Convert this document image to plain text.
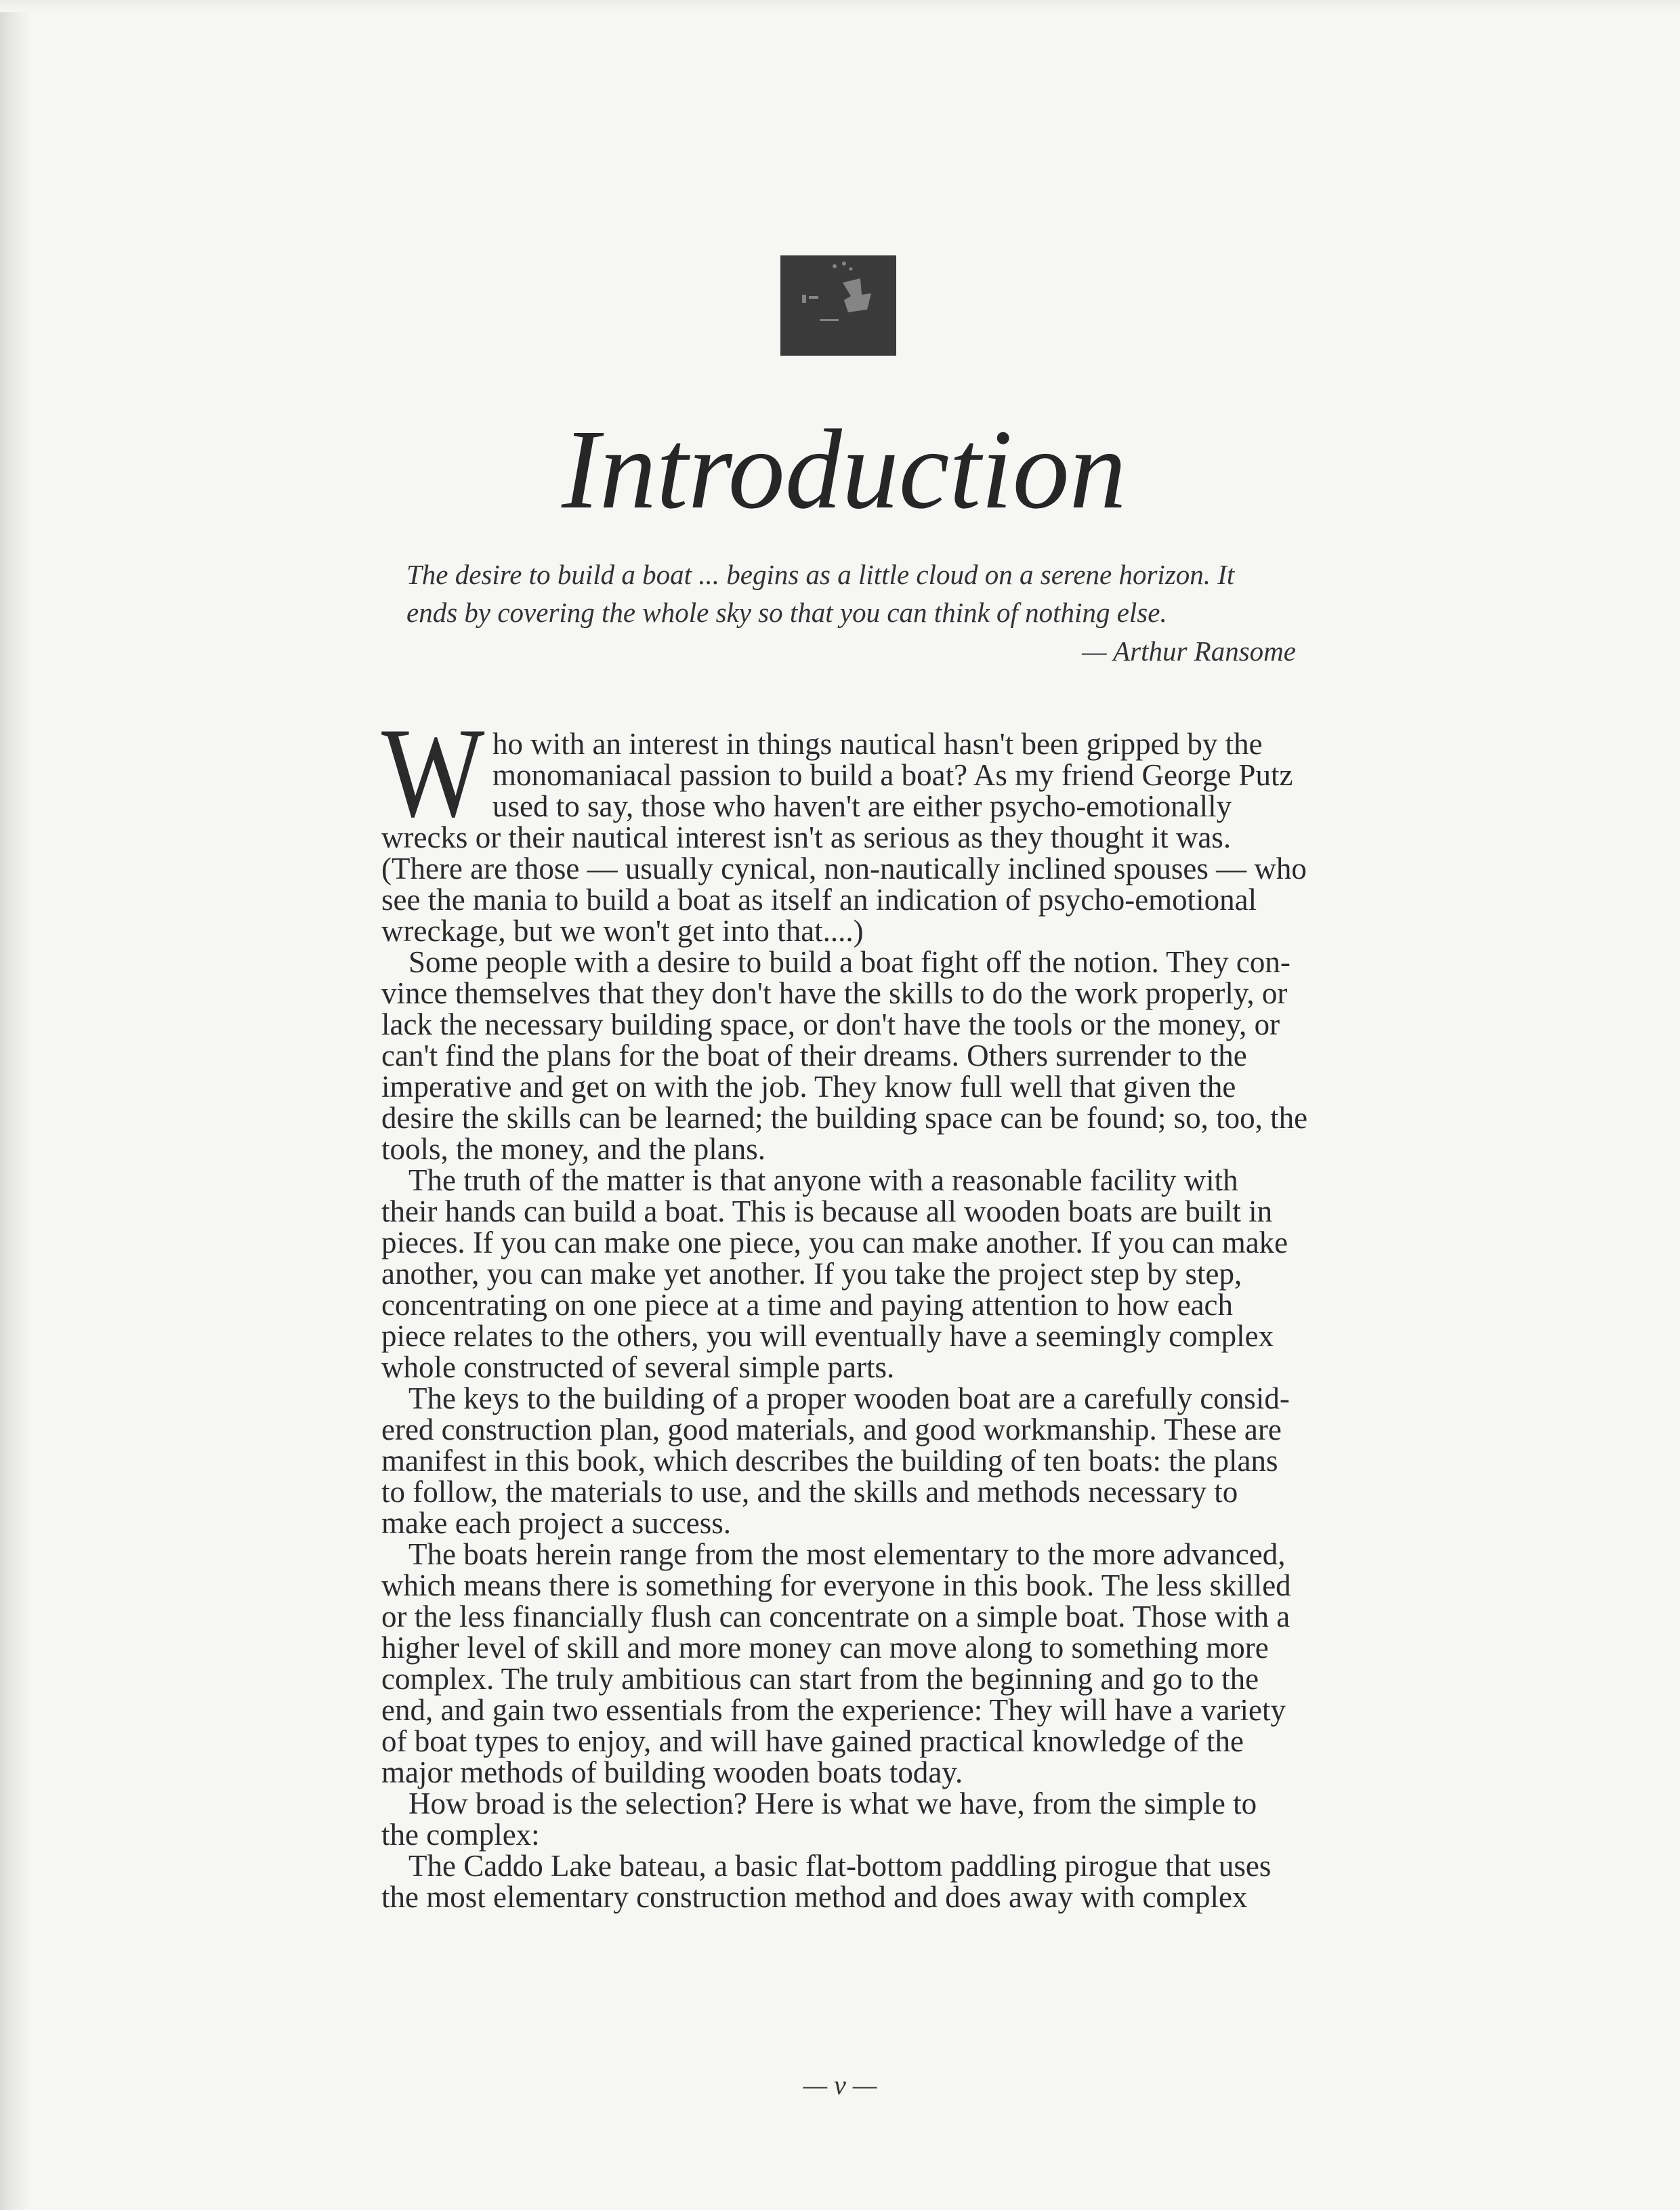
Introduction
The desire to build a boat ... begins as a little cloud on a serene horizon. It
ends by covering the whole sky so that you can think of nothing else.
— Arthur Ransome
W ho with an interest in things nautical hasn't been gripped by the
monomaniacal passion to build a boat? As my friend George Putz
used to say, those who haven't are either psycho-emotionally
wrecks or their nautical interest isn't as serious as they thought it was.
(There are those — usually cynical, non-nautically inclined spouses — who
see the mania to build a boat as itself an indication of psycho-emotional
wreckage, but we won't get into that....)
Some people with a desire to build a boat fight off the notion. They con-
vince themselves that they don't have the skills to do the work properly, or
lack the necessary building space, or don't have the tools or the money, or
can't find the plans for the boat of their dreams. Others surrender to the
imperative and get on with the job. They know full well that given the
desire the skills can be learned; the building space can be found; so, too, the
tools, the money, and the plans.
The truth of the matter is that anyone with a reasonable facility with
their hands can build a boat. This is because all wooden boats are built in
pieces. If you can make one piece, you can make another. If you can make
another, you can make yet another. If you take the project step by step,
concentrating on one piece at a time and paying attention to how each
piece relates to the others, you will eventually have a seemingly complex
whole constructed of several simple parts.
The keys to the building of a proper wooden boat are a carefully consid-
ered construction plan, good materials, and good workmanship. These are
manifest in this book, which describes the building of ten boats: the plans
to follow, the materials to use, and the skills and methods necessary to
make each project a success.
The boats herein range from the most elementary to the more advanced,
which means there is something for everyone in this book. The less skilled
or the less financially flush can concentrate on a simple boat. Those with a
higher level of skill and more money can move along to something more
complex. The truly ambitious can start from the beginning and go to the
end, and gain two essentials from the experience: They will have a variety
of boat types to enjoy, and will have gained practical knowledge of the
major methods of building wooden boats today.
How broad is the selection? Here is what we have, from the simple to
the complex:
The Caddo Lake bateau, a basic flat-bottom paddling pirogue that uses
the most elementary construction method and does away with complex
— v —
